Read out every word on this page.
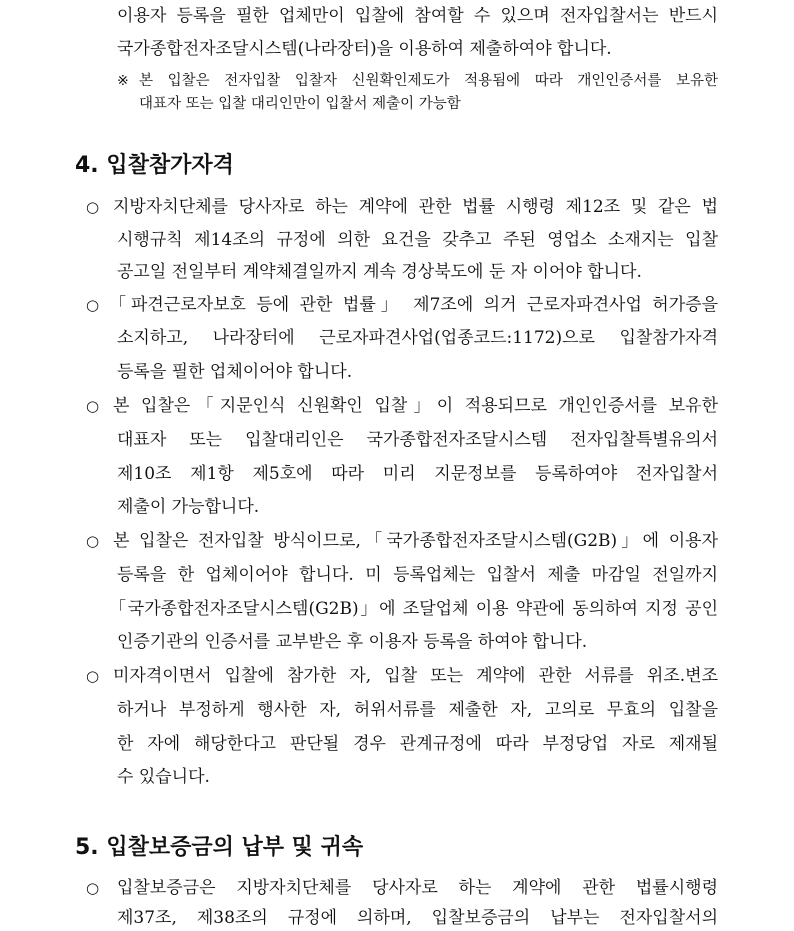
이용자 등록을 필한 업체만이 입찰에 참여할 수 있으며 전자입찰서는 반드시
국가종합전자조달시스템(나라장터)을 이용하여 제출하여야 합니다.
※ 본 입찰은 전자입찰 입찰자 신원확인제도가 적용됨에 따라 개인인증서를 보유한
대표자 또는 입찰 대리인만이 입찰서 제출이 가능함
4. 입찰참가자격
○ 지방자치단체를 당사자로 하는 계약에 관한 법률 시행령 제12조 및 같은 법
시행규칙 제14조의 규정에 의한 요건을 갖추고 주된 영업소 소재지는 입찰
공고일 전일부터 계약체결일까지 계속 경상북도에 둔 자 이어야 합니다.
○ 「파견근로자보호 등에 관한 법률」 제7조에 의거 근로자파견사업 허가증을
소지하고, 나라장터에 근로자파견사업(업종코드:1172)으로 입찰참가자격
등록을 필한 업체이어야 합니다.
○ 본 입찰은「지문인식 신원확인 입찰」이 적용되므로 개인인증서를 보유한
대표자 또는 입찰대리인은 국가종합전자조달시스템 전자입찰특별유의서
제10조 제1항 제5호에 따라 미리 지문정보를 등록하여야 전자입찰서
제출이 가능합니다.
○ 본 입찰은 전자입찰 방식이므로,「국가종합전자조달시스템(G2B)」에 이용자
등록을 한 업체이어야 합니다. 미 등록업체는 입찰서 제출 마감일 전일까지
「국가종합전자조달시스템(G2B)」에 조달업체 이용 약관에 동의하여 지정 공인
인증기관의 인증서를 교부받은 후 이용자 등록을 하여야 합니다.
○ 미자격이면서 입찰에 참가한 자, 입찰 또는 계약에 관한 서류를 위조.변조
하거나 부정하게 행사한 자, 허위서류를 제출한 자, 고의로 무효의 입찰을
한 자에 해당한다고 판단될 경우 관계규정에 따라 부정당업 자로 제재될
수 있습니다.
5. 입찰보증금의 납부 및 귀속
○ 입찰보증금은 지방자치단체를 당사자로 하는 계약에 관한 법률시행령
제37조, 제38조의 규정에 의하며, 입찰보증금의 납부는 전자입찰서의
